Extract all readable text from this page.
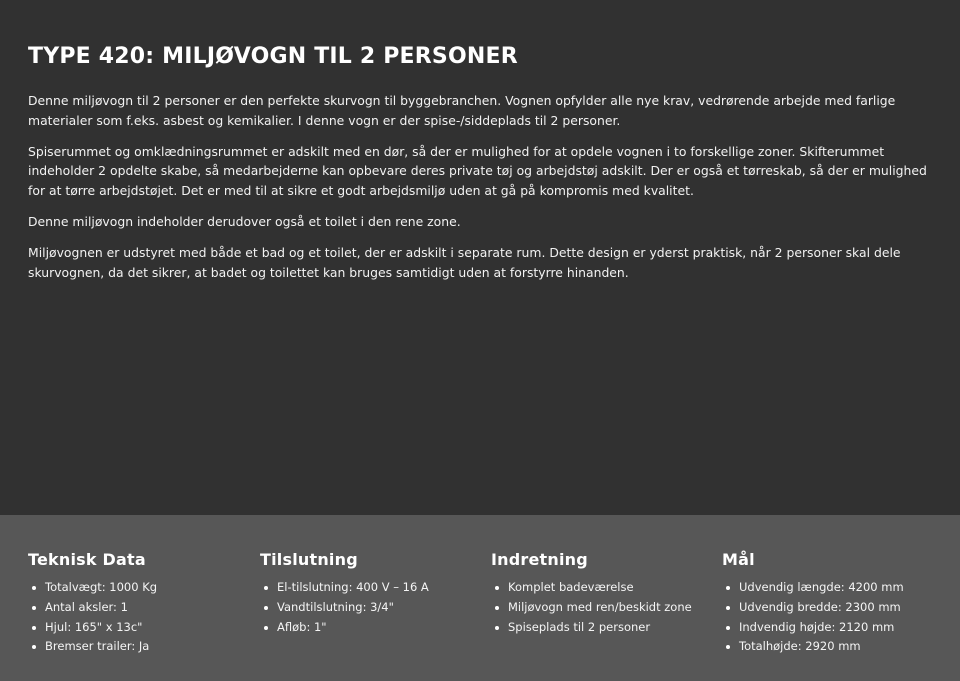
TYPE 420: MILJØVOGN TIL 2 PERSONER

Denne miljøvogn til 2 personer er den perfekte skurvogn til byggebranchen. Vognen opfylder alle nye krav, vedrørende arbejde med farlige materialer som f.eks. asbest og kemikalier. I denne vogn er der spise-/siddeplads til 2 personer.

Spiserummet og omklædningsrummet er adskilt med en dør, så der er mulighed for at opdele vognen i to forskellige zoner. Skifterummet indeholder 2 opdelte skabe, så medarbejderne kan opbevare deres private tøj og arbejdstøj adskilt. Der er også et tørreskab, så der er mulighed for at tørre arbejdstøjet. Det er med til at sikre et godt arbejdsmiljø uden at gå på kompromis med kvalitet.

Denne miljøvogn indeholder derudover også et toilet i den rene zone.

Miljøvognen er udstyret med både et bad og et toilet, der er adskilt i separate rum. Dette design er yderst praktisk, når 2 personer skal dele skurvognen, da det sikrer, at badet og toilettet kan bruges samtidigt uden at forstyrre hinanden.

Teknisk Data
Totalvægt: 1000 Kg
Antal aksler: 1
Hjul: 165" x 13c"
Bremser trailer: Ja
Tilslutning
El-tilslutning: 400 V – 16 A
Vandtilslutning: 3/4"
Afløb: 1"
Indretning
Komplet badeværelse
Miljøvogn med ren/beskidt zone
Spiseplads til 2 personer
Mål
Udvendig længde: 4200 mm
Udvendig bredde: 2300 mm
Indvendig højde: 2120 mm
Totalhøjde: 2920 mm
